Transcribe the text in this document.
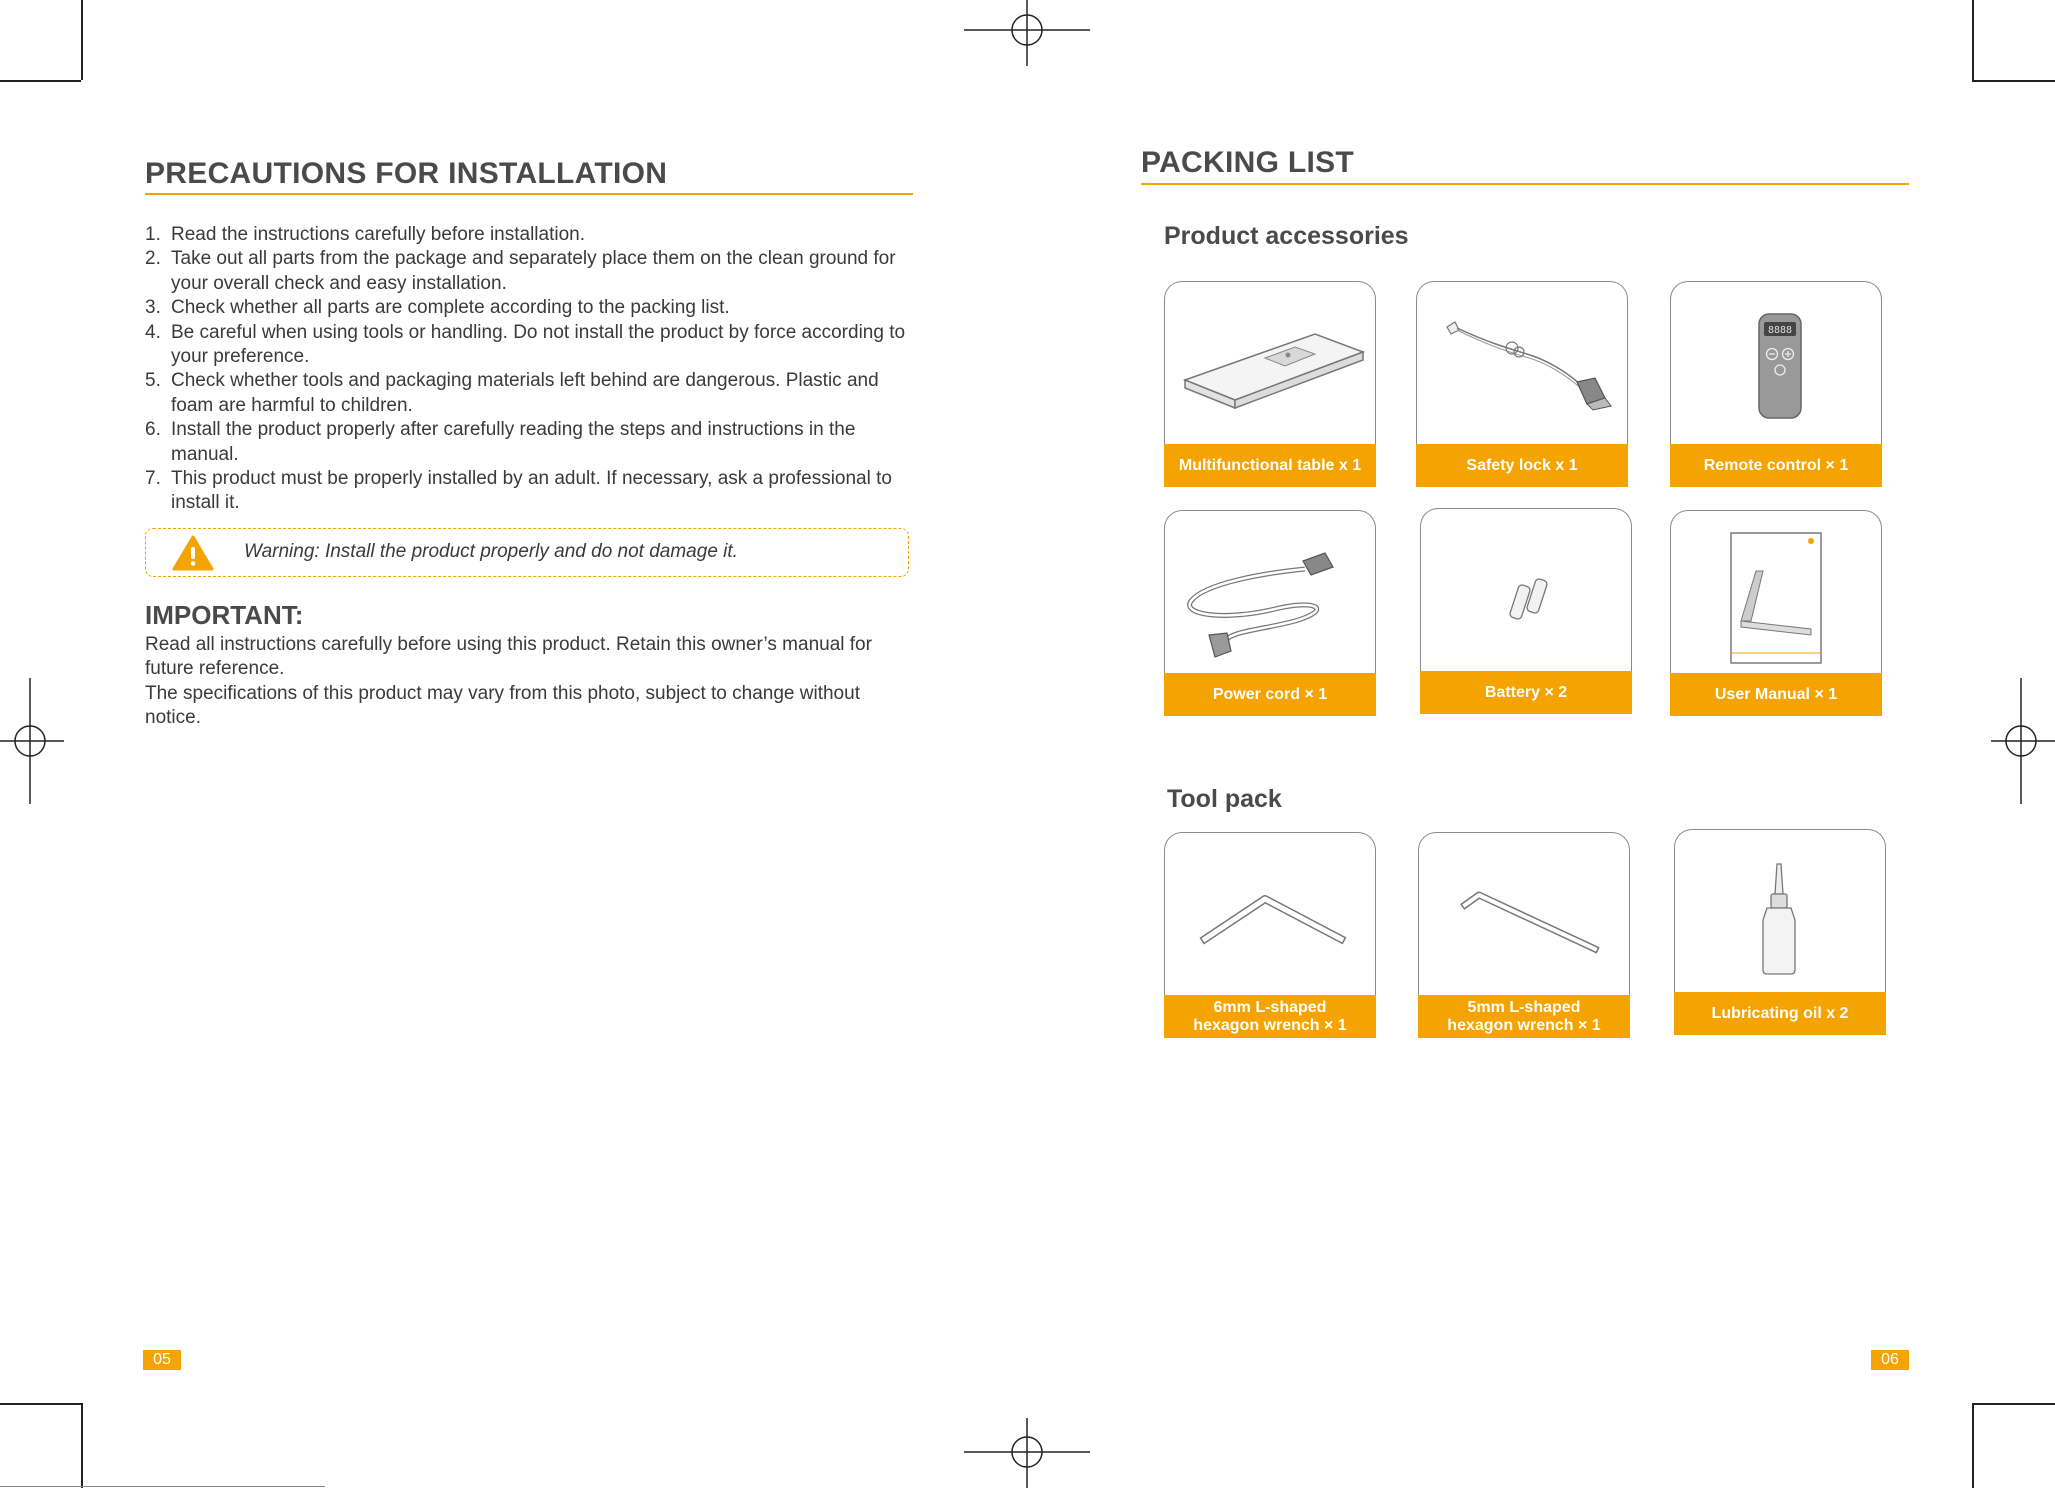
PRECAUTIONS FOR INSTALLATION
1. Read the instructions carefully before installation.
2. Take out all parts from the package and separately place them on the clean ground for your overall check and easy installation.
3. Check whether all parts are complete according to the packing list.
4. Be careful when using tools or handling. Do not install the product by force according to your preference.
5. Check whether tools and packaging materials left behind are dangerous. Plastic and foam are harmful to children.
6. Install the product properly after carefully reading the steps and instructions in the manual.
7. This product must be properly installed by an adult. If necessary, ask a professional to install it.
Warning: Install the product properly and do not damage it.
IMPORTANT:
Read all instructions carefully before using this product. Retain this owner’s manual for future reference.
The specifications of this product may vary from this photo, subject to change without notice.
05
PACKING LIST
Product accessories
Multifunctional table x 1	Safety lock x 1
8888
Remote control × 1
Power cord × 1	Battery × 2	User Manual × 1
Tool pack
6mm L-shaped
hexagon wrench × 1
5mm L-shaped
hexagon wrench × 1
Lubricating oil x 2
06
